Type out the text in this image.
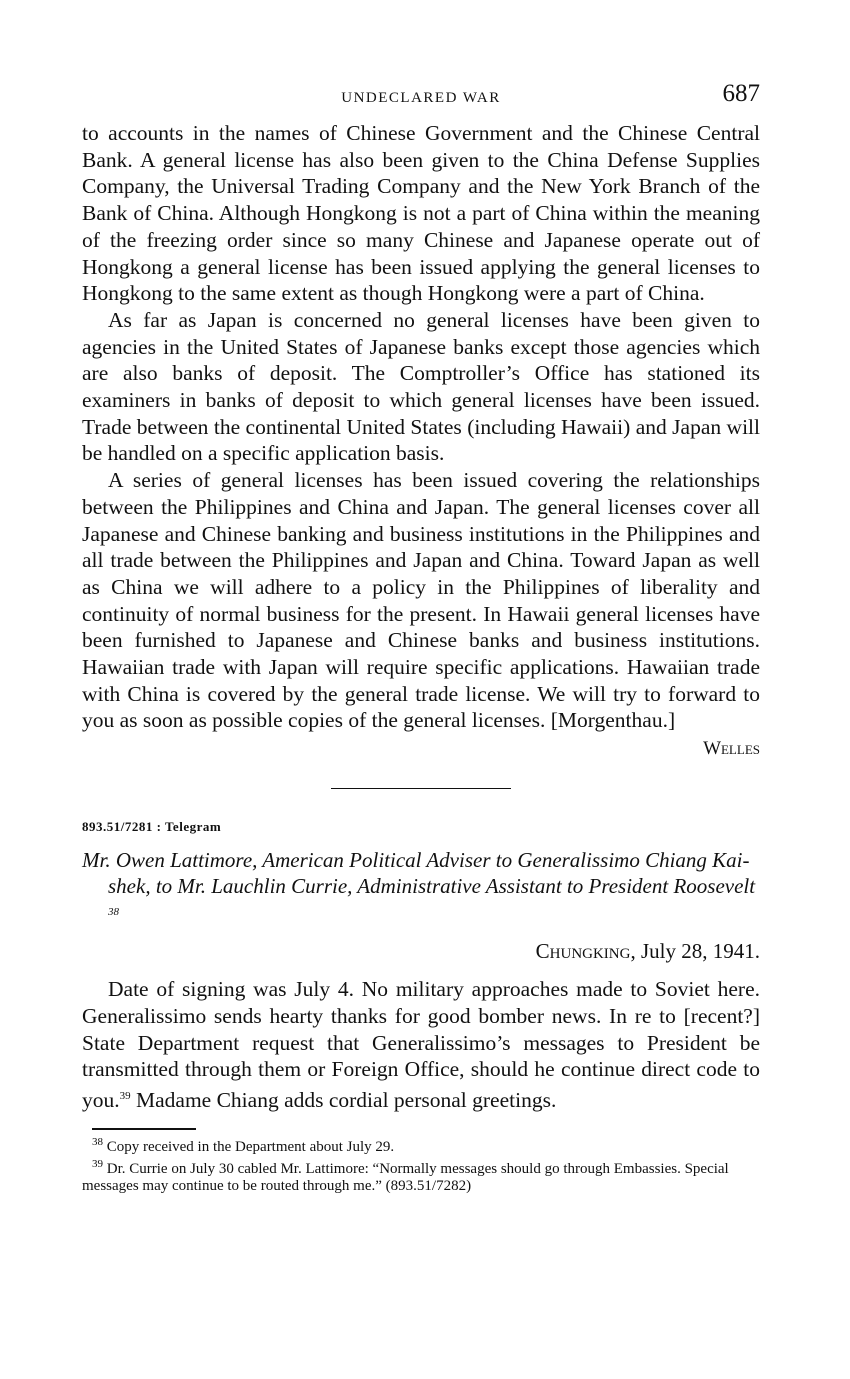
UNDECLARED WAR	687

to accounts in the names of Chinese Government and the Chinese Central Bank. A general license has also been given to the China Defense Supplies Company, the Universal Trading Company and the New York Branch of the Bank of China. Although Hongkong is not a part of China within the meaning of the freezing order since so many Chinese and Japanese operate out of Hongkong a general license has been issued applying the general licenses to Hongkong to the same extent as though Hongkong were a part of China.

As far as Japan is concerned no general licenses have been given to agencies in the United States of Japanese banks except those agencies which are also banks of deposit. The Comptroller’s Office has stationed its examiners in banks of deposit to which general licenses have been issued. Trade between the continental United States (including Hawaii) and Japan will be handled on a specific application basis.

A series of general licenses has been issued covering the relationships between the Philippines and China and Japan. The general licenses cover all Japanese and Chinese banking and business institutions in the Philippines and all trade between the Philippines and Japan and China. Toward Japan as well as China we will adhere to a policy in the Philippines of liberality and continuity of normal business for the present. In Hawaii general licenses have been furnished to Japanese and Chinese banks and business institutions. Hawaiian trade with Japan will require specific applications. Hawaiian trade with China is covered by the general trade license. We will try to forward to you as soon as possible copies of the general licenses. [Morgenthau.]

Welles
893.51/7281 : Telegram
Mr. Owen Lattimore, American Political Adviser to Generalissimo Chiang Kai-shek, to Mr. Lauchlin Currie, Administrative Assistant to President Roosevelt $^{38}$
Chungking, July 28, 1941.

Date of signing was July 4. No military approaches made to Soviet here. Generalissimo sends hearty thanks for good bomber news. In re to [recent?] State Department request that Generalissimo’s messages to President be transmitted through them or Foreign Office, should he continue direct code to you.$^{39}$ Madame Chiang adds cordial personal greetings.

$^{38}$ Copy received in the Department about July 29.

$^{39}$ Dr. Currie on July 30 cabled Mr. Lattimore: “Normally messages should go through Embassies. Special messages may continue to be routed through me.” (893.51/7282)
